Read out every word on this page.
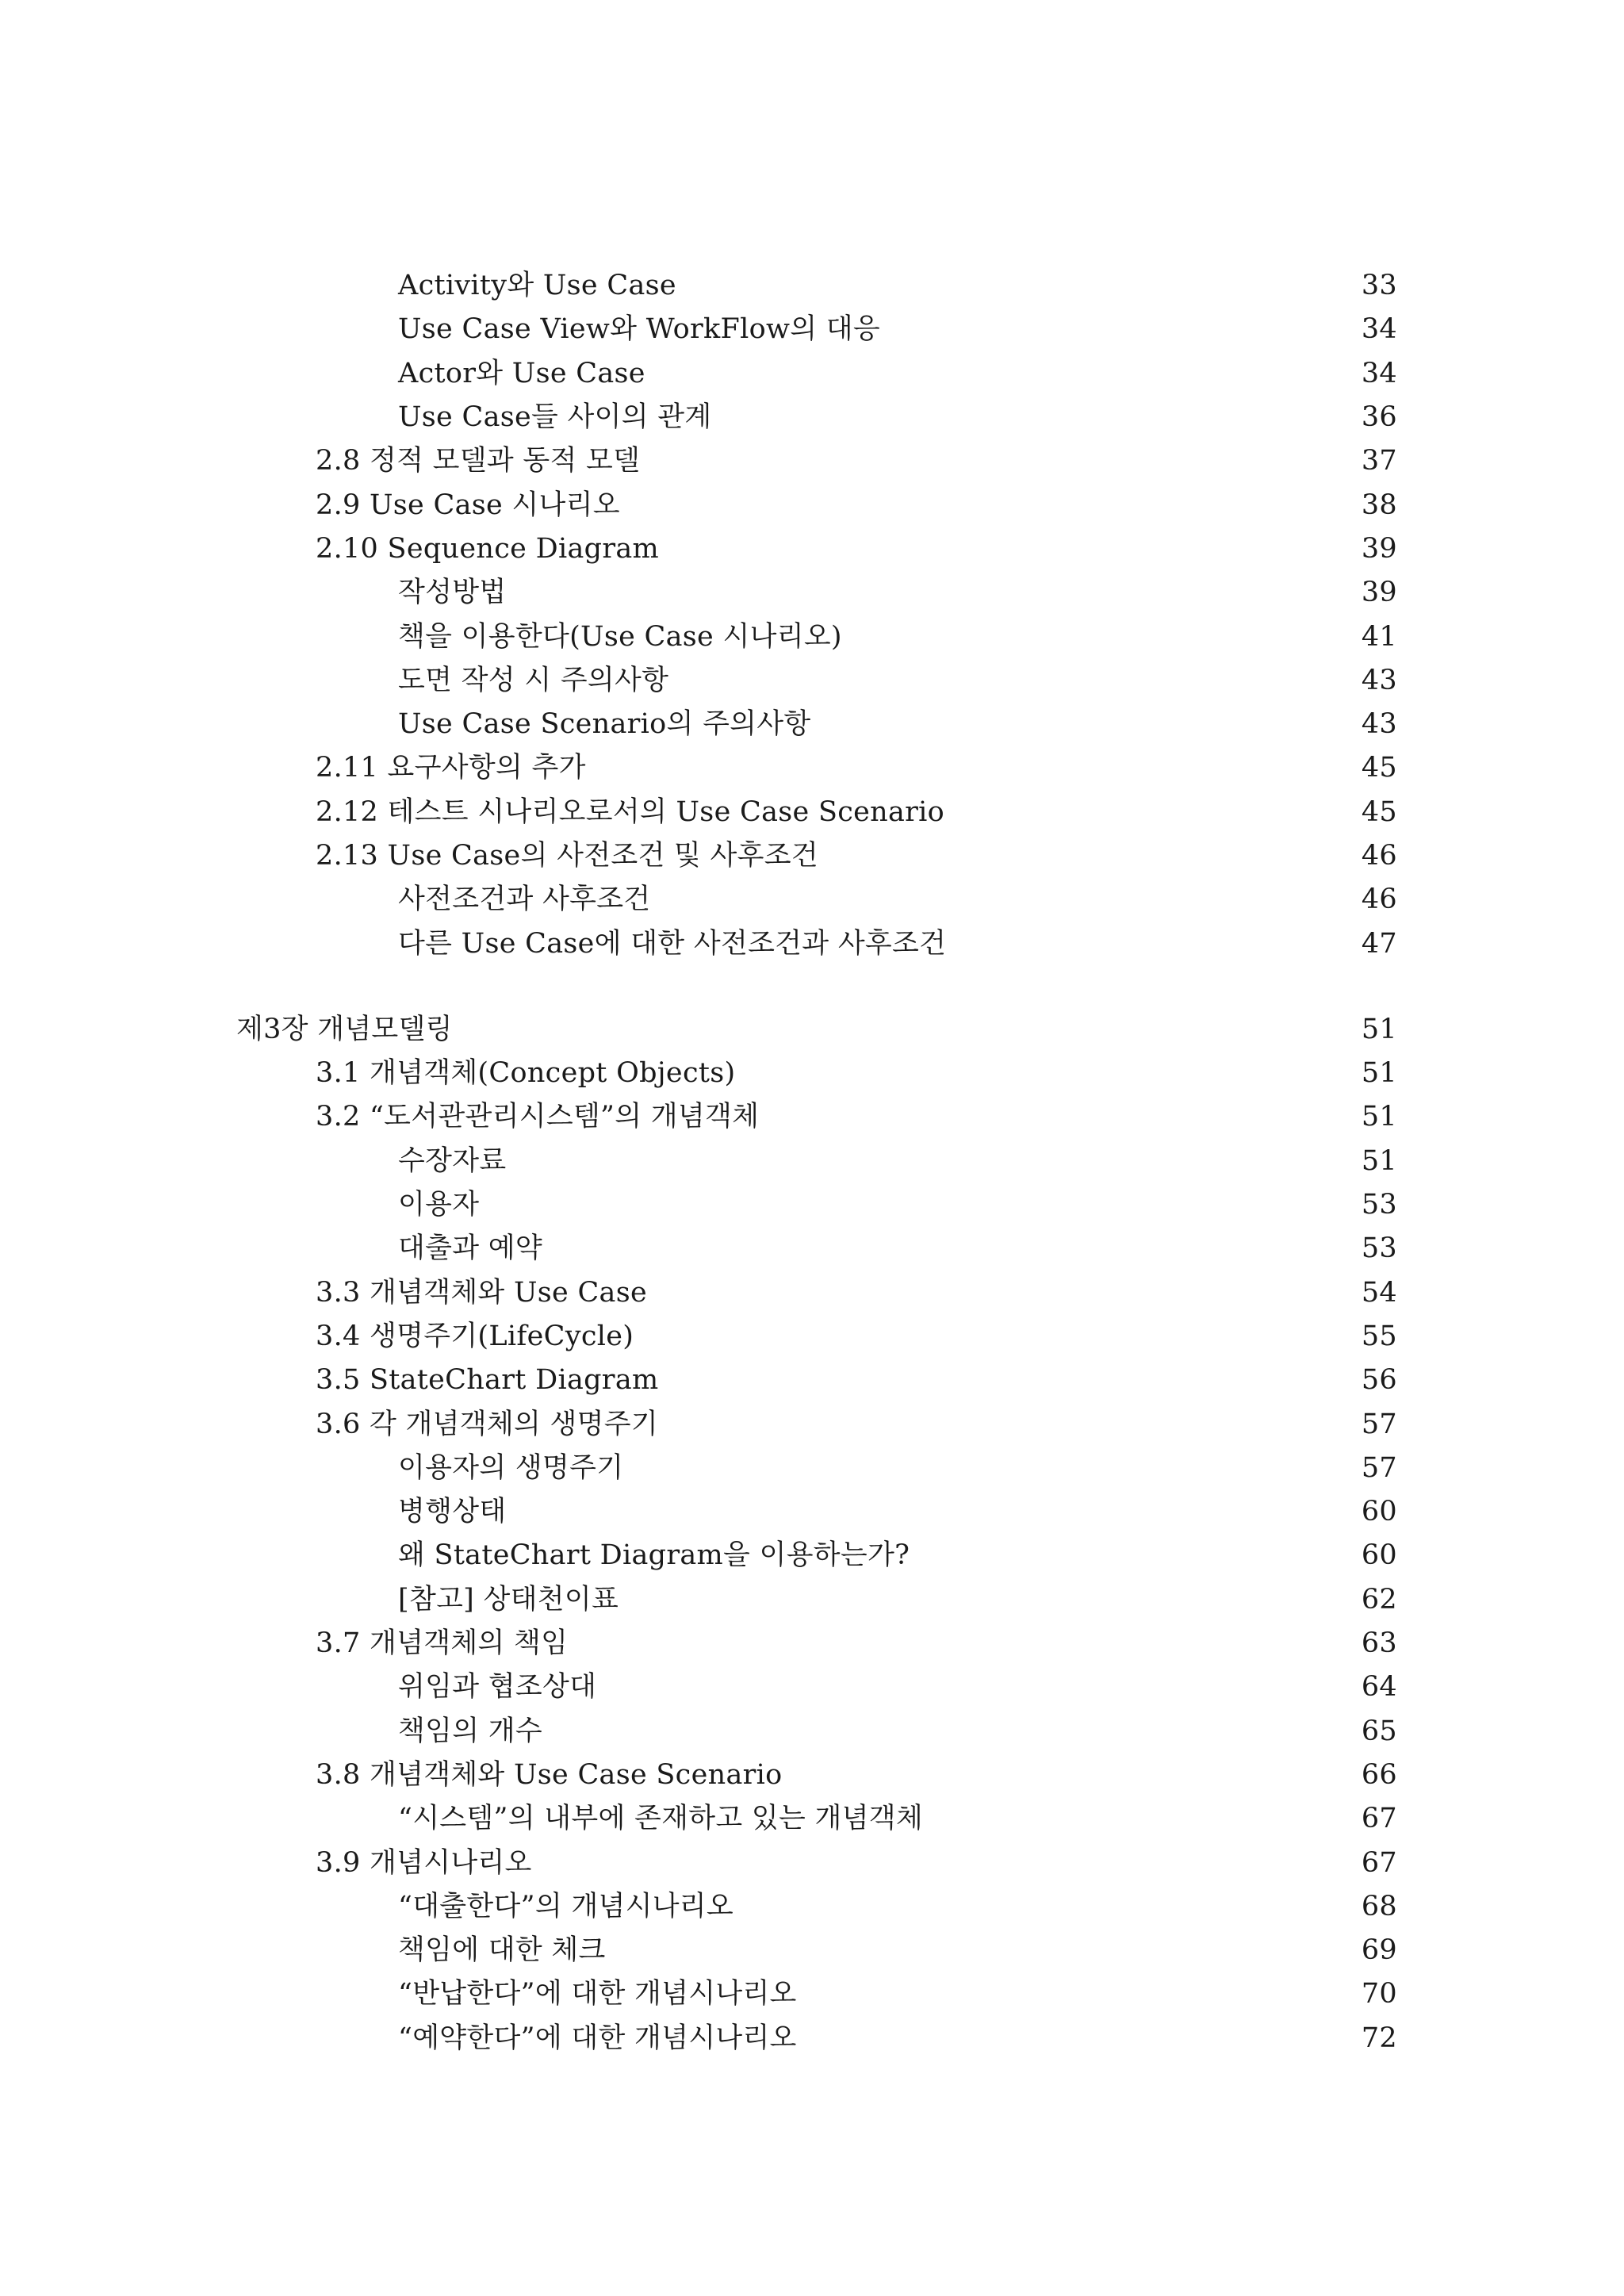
Activity와 Use Case	33
Use Case View와 WorkFlow의 대응	34
Actor와 Use Case	34
Use Case들 사이의 관계	36
2.8 정적 모델과 동적 모델	37
2.9 Use Case 시나리오	38
2.10 Sequence Diagram	39
작성방법	39
책을 이용한다(Use Case 시나리오)	41
도면 작성 시 주의사항	43
Use Case Scenario의 주의사항	43
2.11 요구사항의 추가	45
2.12 테스트 시나리오로서의 Use Case Scenario	45
2.13 Use Case의 사전조건 및 사후조건	46
사전조건과 사후조건	46
다른 Use Case에 대한 사전조건과 사후조건	47
제3장 개념모델링	51
3.1 개념객체(Concept Objects)	51
3.2 “도서관관리시스템”의 개념객체	51
수장자료	51
이용자	53
대출과 예약	53
3.3 개념객체와 Use Case	54
3.4 생명주기(LifeCycle)	55
3.5 StateChart Diagram	56
3.6 각 개념객체의 생명주기	57
이용자의 생명주기	57
병행상태	60
왜 StateChart Diagram을 이용하는가?	60
[참고] 상태천이표	62
3.7 개념객체의 책임	63
위임과 협조상대	64
책임의 개수	65
3.8 개념객체와 Use Case Scenario	66
“시스템”의 내부에 존재하고 있는 개념객체	67
3.9 개념시나리오	67
“대출한다”의 개념시나리오	68
책임에 대한 체크	69
“반납한다”에 대한 개념시나리오	70
“예약한다”에 대한 개념시나리오	72
